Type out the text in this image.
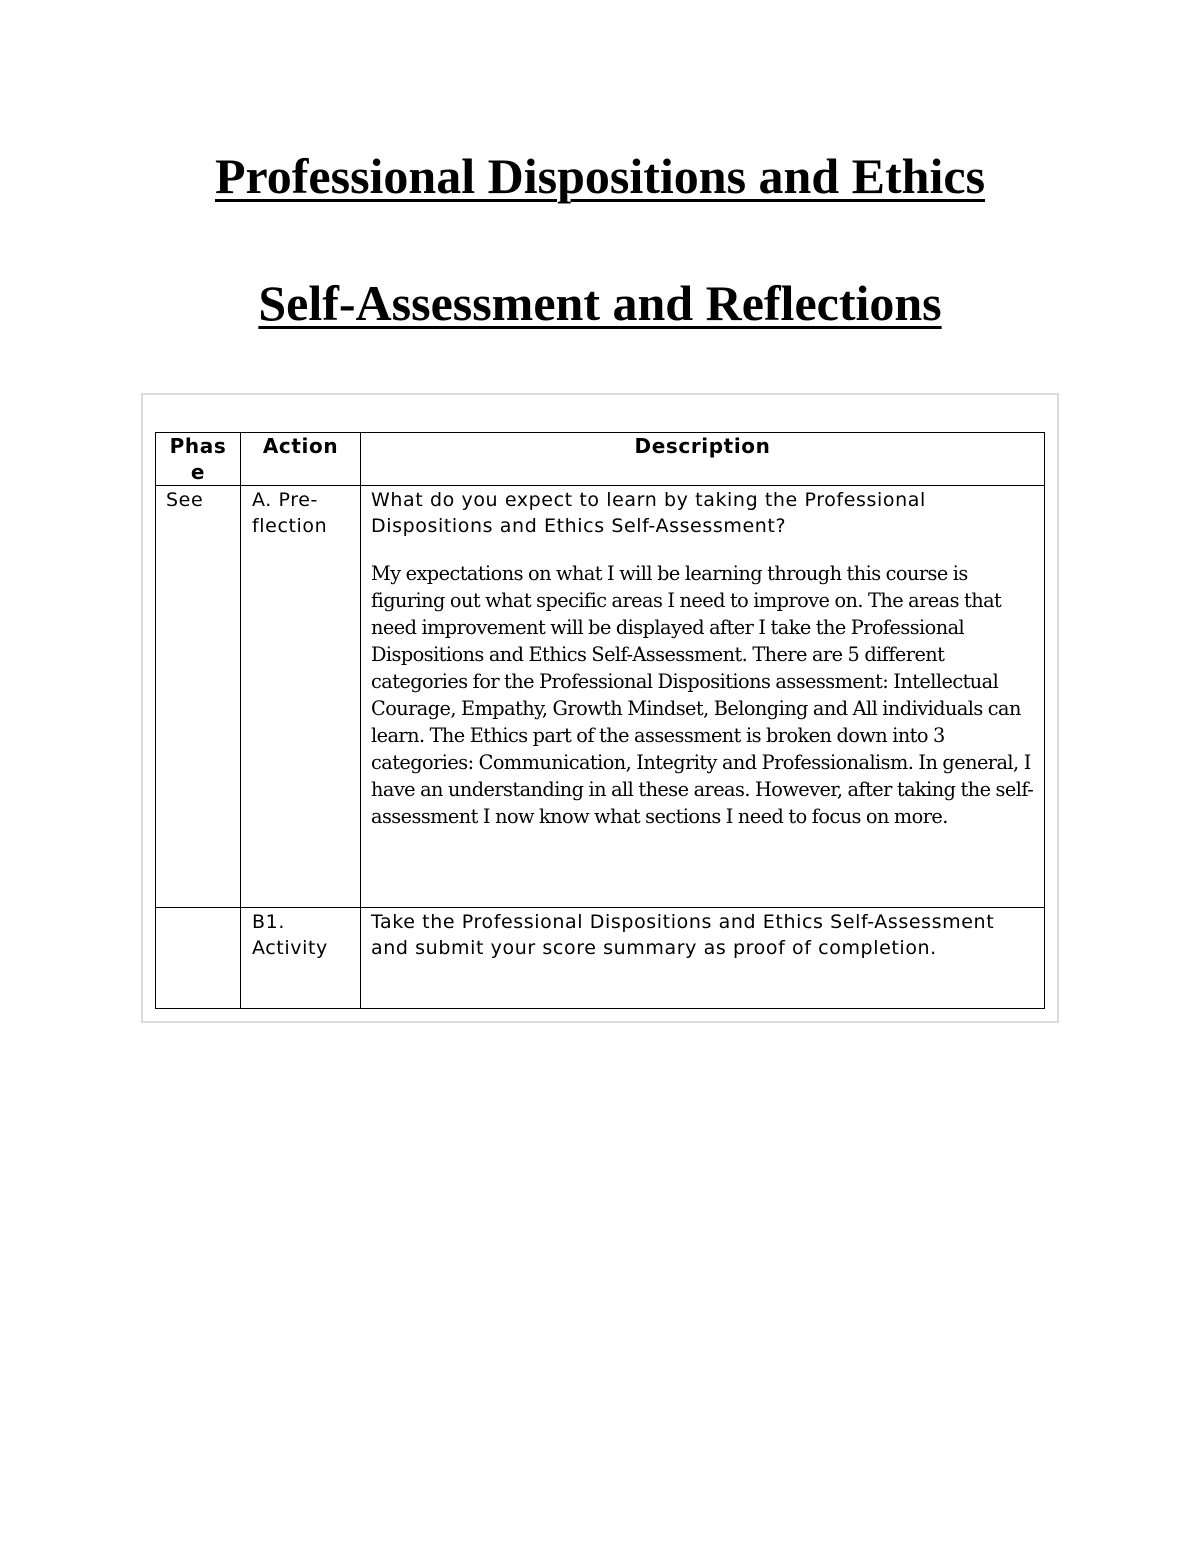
Professional Dispositions and Ethics
Self-Assessment and Reflections
Phase	Action	Description
See	A. Pre-flection	What do you expect to learn by taking the Professional Dispositions and Ethics Self-Assessment?

My expectations on what I will be learning through this course is figuring out what specific areas I need to improve on. The areas that need improvement will be displayed after I take the Professional Dispositions and Ethics Self-Assessment. There are 5 different categories for the Professional Dispositions assessment: Intellectual Courage, Empathy, Growth Mindset, Belonging and All individuals can learn. The Ethics part of the assessment is broken down into 3 categories: Communication, Integrity and Professionalism. In general, I have an understanding in all these areas. However, after taking the self-assessment I now know what sections I need to focus on more.

	B1. Activity	Take the Professional Dispositions and Ethics Self-Assessment and submit your score summary as proof of completion.
